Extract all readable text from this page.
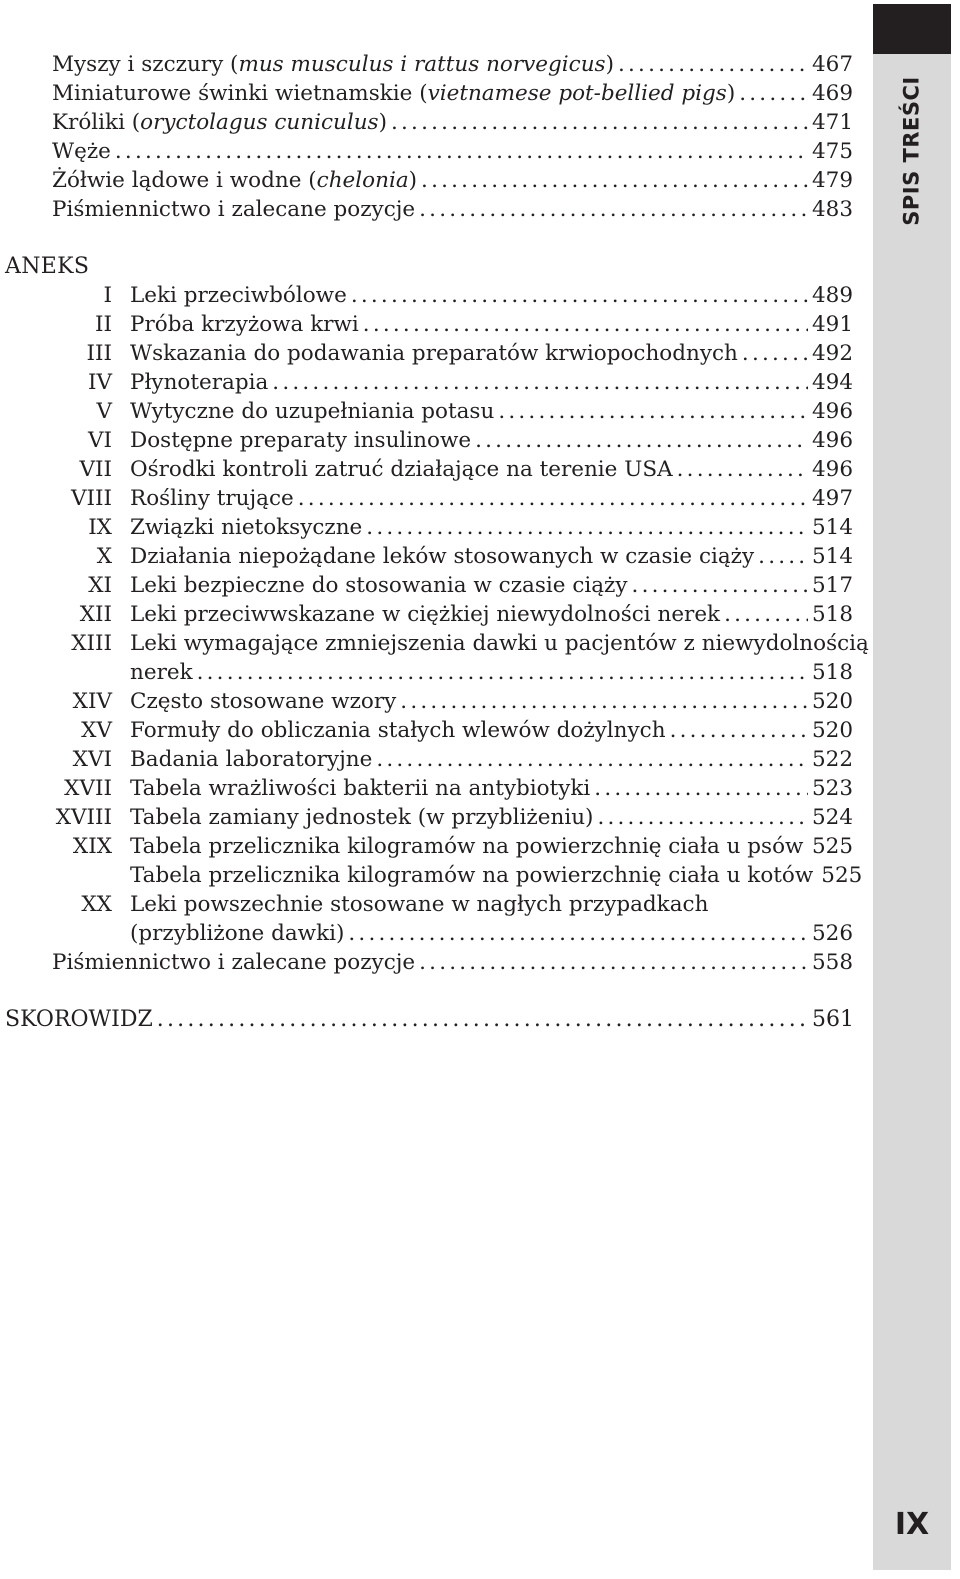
SPIS TREŚCI
IX
Myszy i szczury (mus musculus i rattus norvegicus) .....	467
Miniaturowe świnki wietnamskie (vietnamese pot-bellied pigs) .....	469
Króliki (oryctolagus cuniculus) .....	471
Węże .....	475
Żółwie lądowe i wodne (chelonia) .....	479
Piśmiennictwo i zalecane pozycje .....	483
ANEKS
I Leki przeciwbólowe .....	489
II Próba krzyżowa krwi .....	491
III Wskazania do podawania preparatów krwiopochodnych .....	492
IV Płynoterapia .....	494
V Wytyczne do uzupełniania potasu .....	496
VI Dostępne preparaty insulinowe .....	496
VII Ośrodki kontroli zatruć działające na terenie USA .....	496
VIII Rośliny trujące .....	497
IX Związki nietoksyczne .....	514
X Działania niepożądane leków stosowanych w czasie ciąży .....	514
XI Leki bezpieczne do stosowania w czasie ciąży .....	517
XII Leki przeciwwskazane w ciężkiej niewydolności nerek .....	518
XIII Leki wymagające zmniejszenia dawki u pacjentów z niewydolnością
nerek .....	518
XIV Często stosowane wzory .....	520
XV Formuły do obliczania stałych wlewów dożylnych .....	520
XVI Badania laboratoryjne .....	522
XVII Tabela wrażliwości bakterii na antybiotyki .....	523
XVIII Tabela zamiany jednostek (w przybliżeniu) .....	524
XIX Tabela przelicznika kilogramów na powierzchnię ciała u psów ..... 525
Tabela przelicznika kilogramów na powierzchnię ciała u kotów 525
XX Leki powszechnie stosowane w nagłych przypadkach
(przybliżone dawki) .....	526
Piśmiennictwo i zalecane pozycje .....	558
SKOROWIDZ .....	561
